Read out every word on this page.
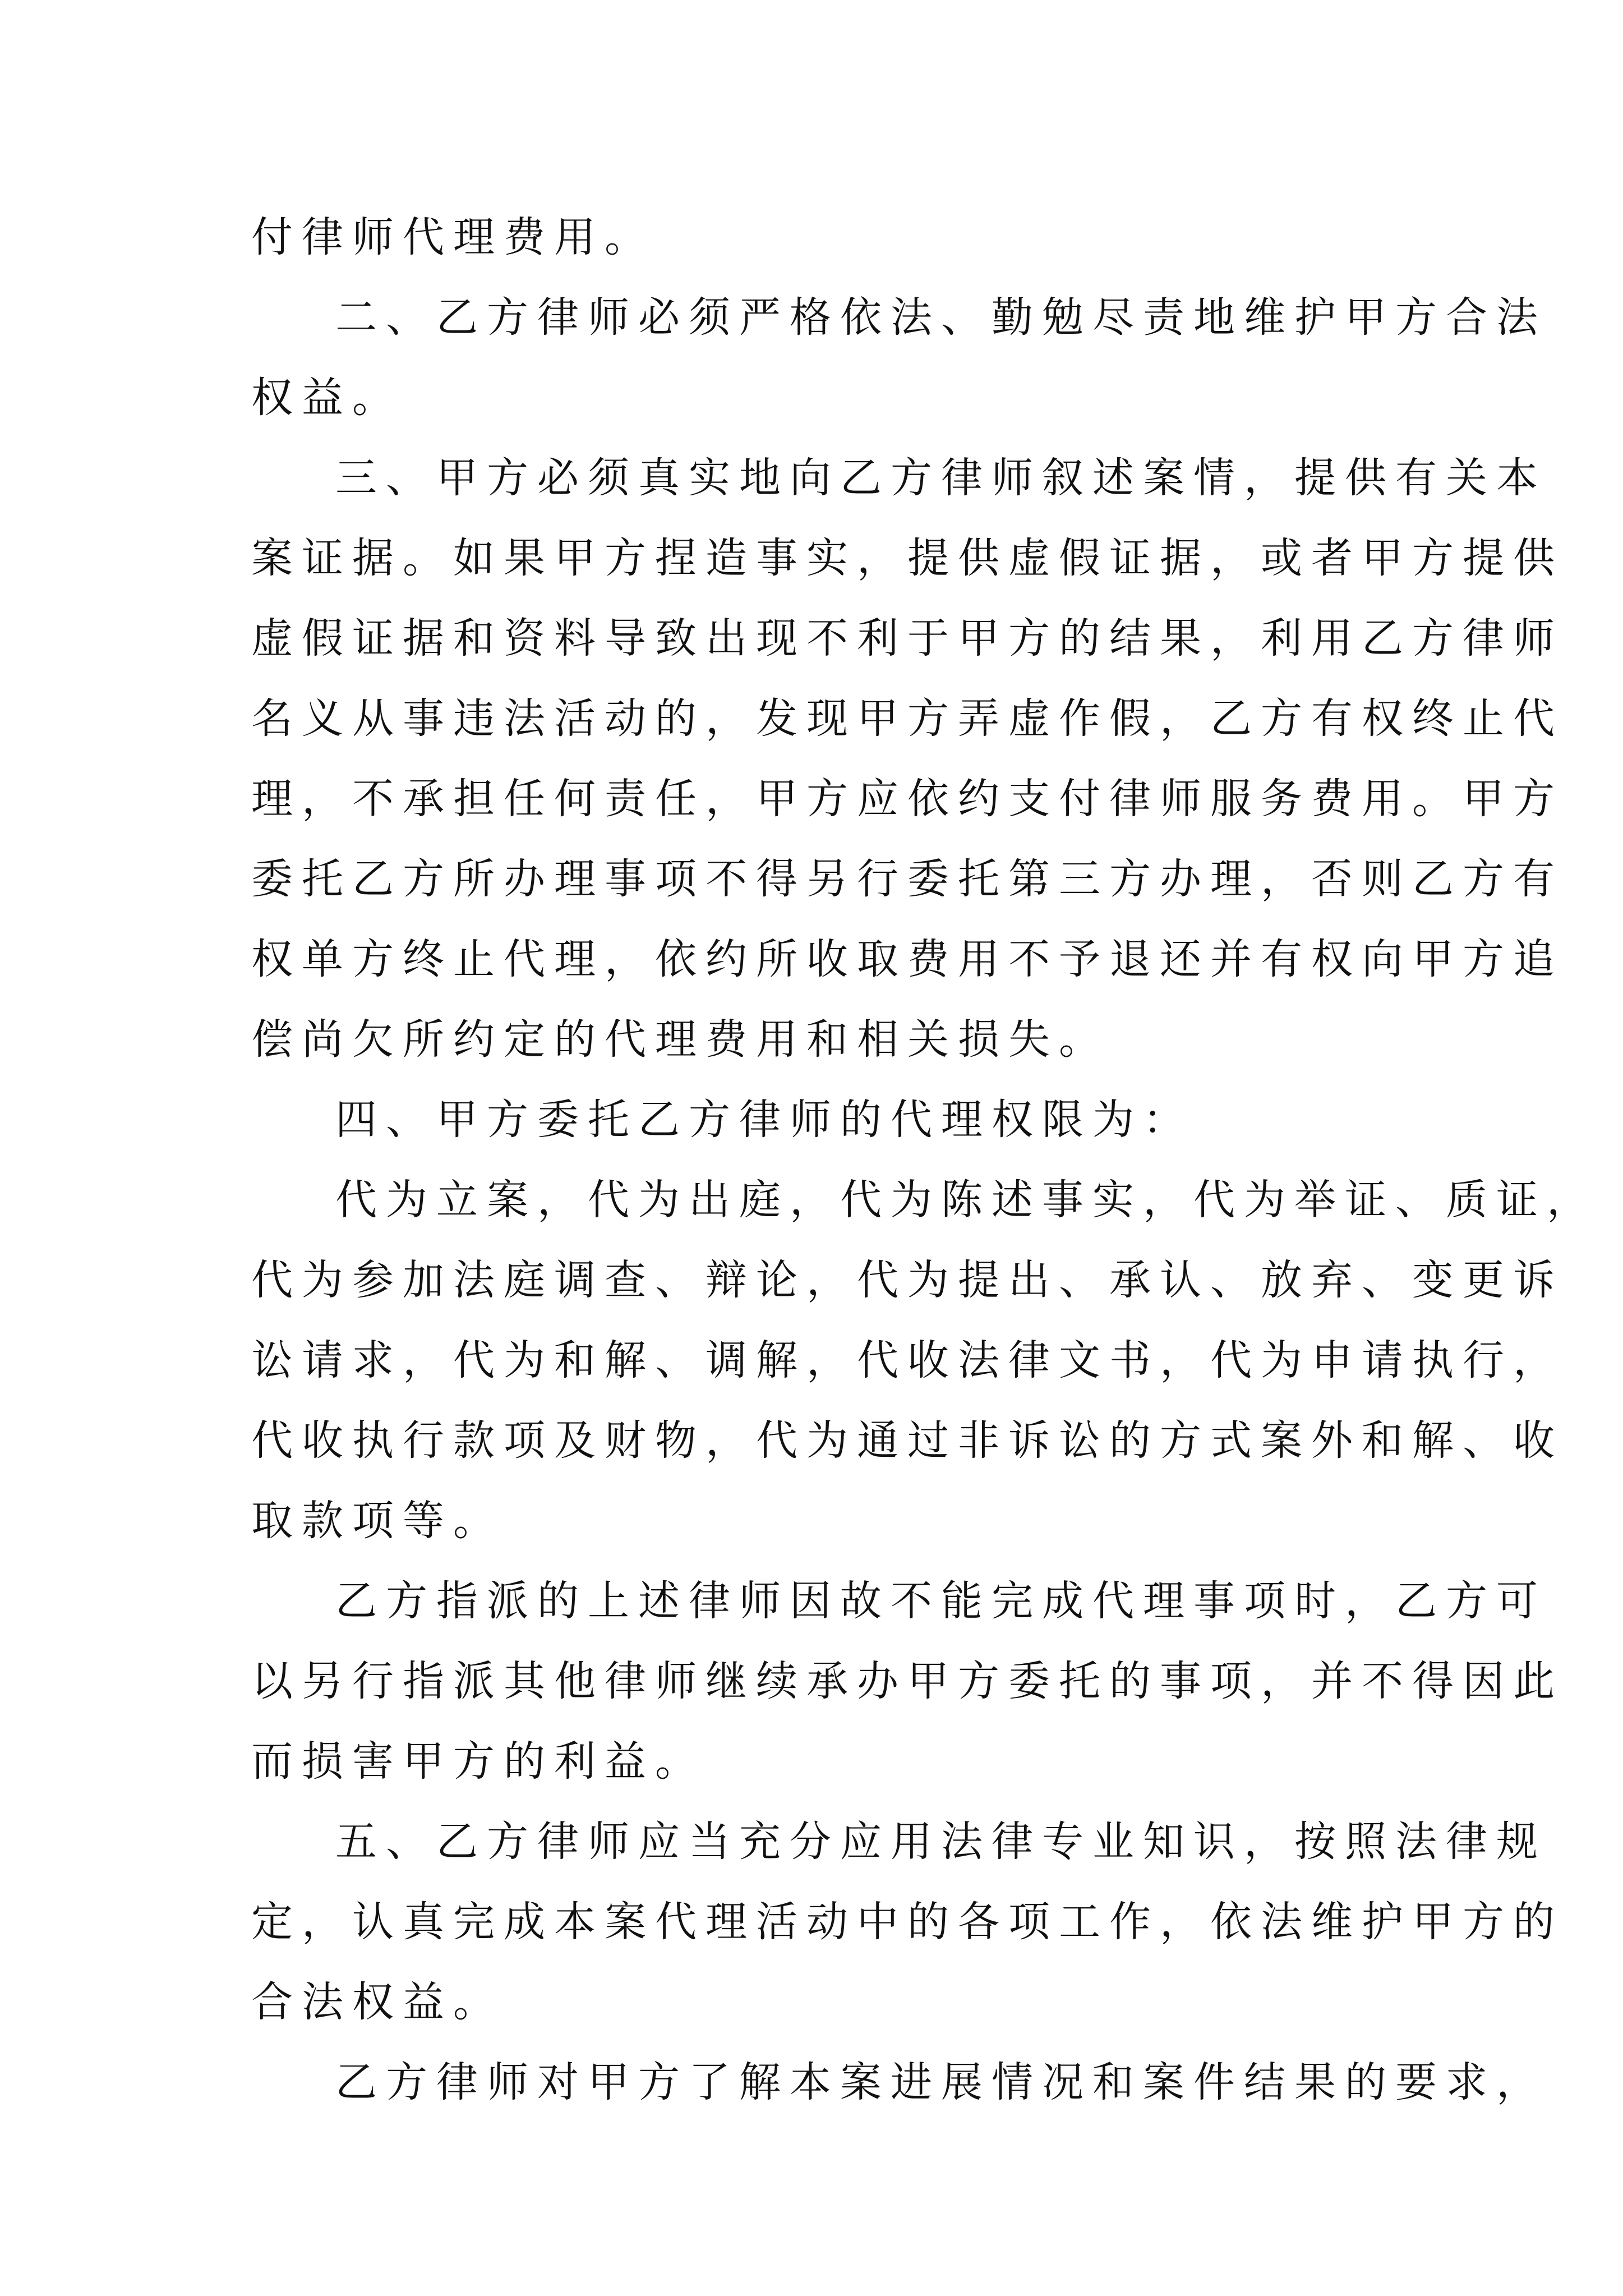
付律师代理费用。
二、乙方律师必须严格依法、勤勉尽责地维护甲方合法
权益。
三、甲方必须真实地向乙方律师叙述案情，提供有关本
案证据。如果甲方捏造事实，提供虚假证据，或者甲方提供
虚假证据和资料导致出现不利于甲方的结果，利用乙方律师
名义从事违法活动的，发现甲方弄虚作假，乙方有权终止代
理，不承担任何责任，甲方应依约支付律师服务费用。甲方
委托乙方所办理事项不得另行委托第三方办理，否则乙方有
权单方终止代理，依约所收取费用不予退还并有权向甲方追
偿尚欠所约定的代理费用和相关损失。
四、甲方委托乙方律师的代理权限为：
代为立案，代为出庭，代为陈述事实，代为举证、质证，
代为参加法庭调查、辩论，代为提出、承认、放弃、变更诉
讼请求，代为和解、调解，代收法律文书，代为申请执行，
代收执行款项及财物，代为通过非诉讼的方式案外和解、收
取款项等。
乙方指派的上述律师因故不能完成代理事项时，乙方可
以另行指派其他律师继续承办甲方委托的事项，并不得因此
而损害甲方的利益。
五、乙方律师应当充分应用法律专业知识，按照法律规
定，认真完成本案代理活动中的各项工作，依法维护甲方的
合法权益。
乙方律师对甲方了解本案进展情况和案件结果的要求，
